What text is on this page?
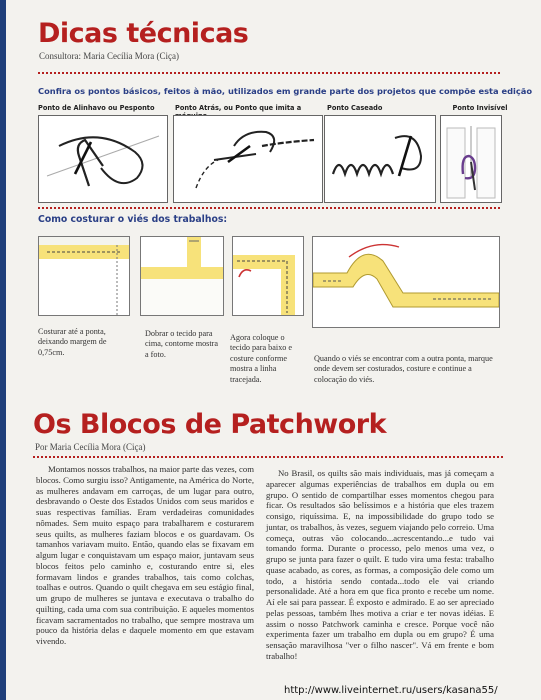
Dicas técnicas
Consultora: Maria Cecília Mora (Ciça)
Confira os pontos básicos, feitos à mão, utilizados em grande parte dos projetos que compõe esta edição
Ponto de Alinhavo ou Pesponto	Ponto Atrás, ou Ponto que imita a máquina
Ponto Caseado	Ponto Invisível
Como costurar o viés dos trabalhos:
Costurar até a ponta, deixando margem de 0,75cm.
Dobrar o tecido para cima, contorne mostra a foto.
Agora coloque o tecido para baixo e costure conforme mostra a linha tracejada.
Quando o viés se encontrar com a outra ponta, marque onde devem ser costurados, costure e continue a colocação do viés.
Os Blocos de Patchwork
Por Maria Cecília Mora (Ciça)
Montamos nossos trabalhos, na maior parte das vezes, com blocos. Como surgiu isso? Antigamente, na América do Norte, as mulheres andavam em carroças, de um lugar para outro, desbravando o Oeste dos Estados Unidos com seus maridos e suas respectivas famílias. Eram verdadeiras comunidades nômades. Sem muito espaço para trabalharem e costurarem seus quilts, as mulheres faziam blocos e os guardavam. Os tamanhos variavam muito. Então, quando elas se fixavam em algum lugar e conquistavam um espaço maior, juntavam seus blocos feitos pelo caminho e, costurando entre si, eles formavam lindos e grandes trabalhos, tais como colchas, toalhas e outros. Quando o quilt chegava em seu estágio final, um grupo de mulheres se juntava e executava o trabalho do quilting, cada uma com sua contribuição. E aqueles momentos ficavam sacramentados no trabalho, que sempre mostrava um pouco da história delas e daquele momento em que estavam vivendo.
No Brasil, os quilts são mais individuais, mas já começam a aparecer algumas experiências de trabalhos em dupla ou em grupo. O sentido de compartilhar esses momentos chegou para ficar. Os resultados são belíssimos e a história que eles trazem consigo, riquíssima. E, na impossibilidade do grupo todo se juntar, os trabalhos, às vezes, seguem viajando pelo correio. Uma começa, outras vão colocando...acrescentando...e tudo vai tomando forma. Durante o processo, pelo menos uma vez, o grupo se junta para fazer o quilt. E tudo vira uma festa: trabalho quase acabado, as cores, as formas, a composição dele como um todo, a história sendo contada...todo ele vai criando personalidade. Até a hora em que fica pronto e recebe um nome. Aí ele sai para passear. É exposto e admirado. E ao ser apreciado pelas pessoas, também lhes motiva a criar e ter novas idéias. E assim o nosso Patchwork caminha e cresce. Porque você não experimenta fazer um trabalho em dupla ou em grupo? É uma sensação maravilhosa "ver o filho nascer". Vá em frente e bom trabalho!
http://www.liveinternet.ru/users/kasana55/
